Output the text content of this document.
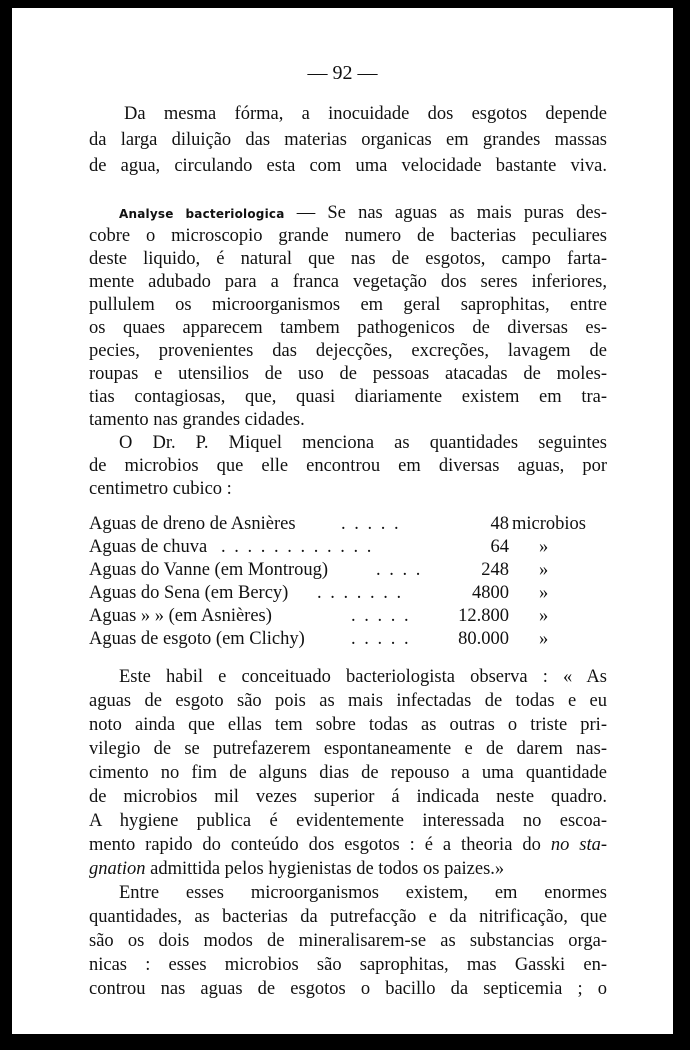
— 92 —
Da mesma fórma, a inocuidade dos esgotos depende
da larga diluição das materias organicas em grandes massas
de agua, circulando esta com uma velocidade bastante viva.
Analyse bacteriologica — Se nas aguas as mais puras des-
cobre o microscopio grande numero de bacterias peculiares
deste liquido, é natural que nas de esgotos, campo farta-
mente adubado para a franca vegetação dos seres inferiores,
pullulem os microorganismos em geral saprophitas, entre
os quaes apparecem tambem pathogenicos de diversas es-
pecies, provenientes das dejecções, excreções, lavagem de
roupas e utensilios de uso de pessoas atacadas de moles-
tias contagiosas, que, quasi diariamente existem em tra-
tamento nas grandes cidades.
O Dr. P. Miquel menciona as quantidades seguintes
de microbios que elle encontrou em diversas aguas, por
centimetro cubico :
Aguas de dreno de Asnières . . . . .	48 microbios
Aguas de chuva . . . . . . . . . . . .	64 »
Aguas do Vanne (em Montroug)	. . . .	248 »
Aguas do Sena (em Bercy) . . . . . . .	4800 »
Aguas » » (em Asnières)	. . . . .	12.800 »
Aguas de esgoto (em Clichy) . . . . .	80.000 »
Este habil e conceituado bacteriologista observa : « As
aguas de esgoto são pois as mais infectadas de todas e eu
noto ainda que ellas tem sobre todas as outras o triste pri-
vilegio de se putrefazerem espontaneamente e de darem nas-
cimento no fim de alguns dias de repouso a uma quantidade
de microbios mil vezes superior á indicada neste quadro.
A hygiene publica é evidentemente interessada no escoa-
mento rapido do conteúdo dos esgotos : é a theoria do no sta-
gnation admittida pelos hygienistas de todos os paizes.»
Entre esses microorganismos existem, em enormes
quantidades, as bacterias da putrefacção e da nitrificação, que
são os dois modos de mineralisarem-se as substancias orga-
nicas : esses microbios são saprophitas, mas Gasski en-
controu nas aguas de esgotos o bacillo da septicemia ; o
